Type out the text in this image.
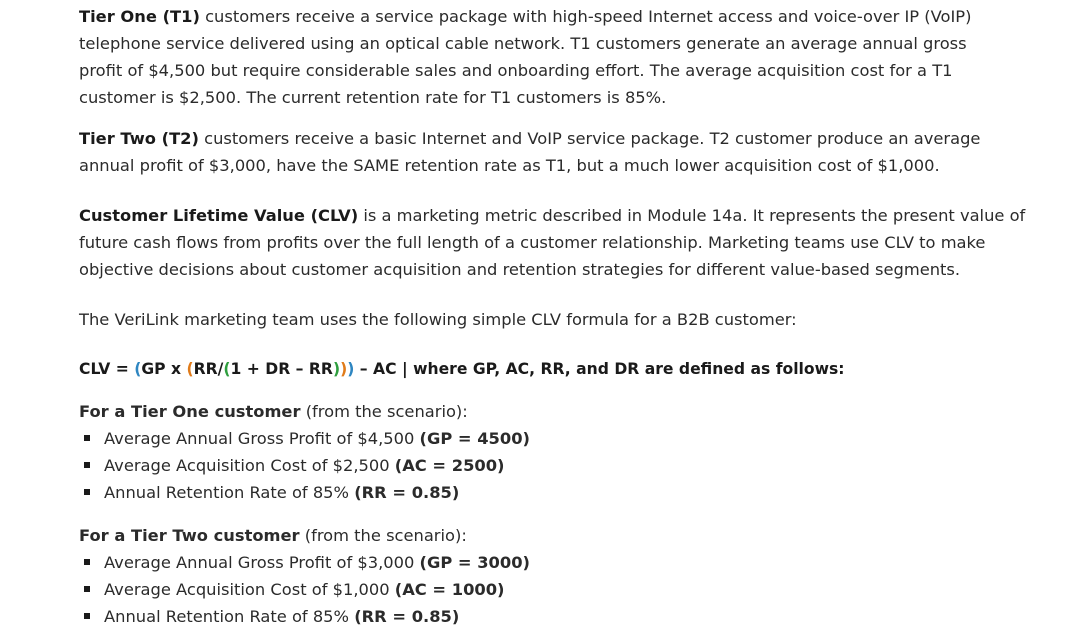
Tier One (T1) customers receive a service package with high-speed Internet access and voice-over IP (VoIP)
telephone service delivered using an optical cable network. T1 customers generate an average annual gross
profit of $4,500 but require considerable sales and onboarding effort. The average acquisition cost for a T1
customer is $2,500. The current retention rate for T1 customers is 85%.
Tier Two (T2) customers receive a basic Internet and VoIP service package. T2 customer produce an average
annual profit of $3,000, have the SAME retention rate as T1, but a much lower acquisition cost of $1,000.
Customer Lifetime Value (CLV) is a marketing metric described in Module 14a. It represents the present value of
future cash flows from profits over the full length of a customer relationship. Marketing teams use CLV to make
objective decisions about customer acquisition and retention strategies for different value-based segments.
The VeriLink marketing team uses the following simple CLV formula for a B2B customer:
CLV = (GP x (RR/(1 + DR – RR))) – AC | where GP, AC, RR, and DR are defined as follows:
For a Tier One customer (from the scenario):
Average Annual Gross Profit of $4,500 (GP = 4500)
Average Acquisition Cost of $2,500 (AC = 2500)
Annual Retention Rate of 85% (RR = 0.85)
For a Tier Two customer (from the scenario):
Average Annual Gross Profit of $3,000 (GP = 3000)
Average Acquisition Cost of $1,000 (AC = 1000)
Annual Retention Rate of 85% (RR = 0.85)
